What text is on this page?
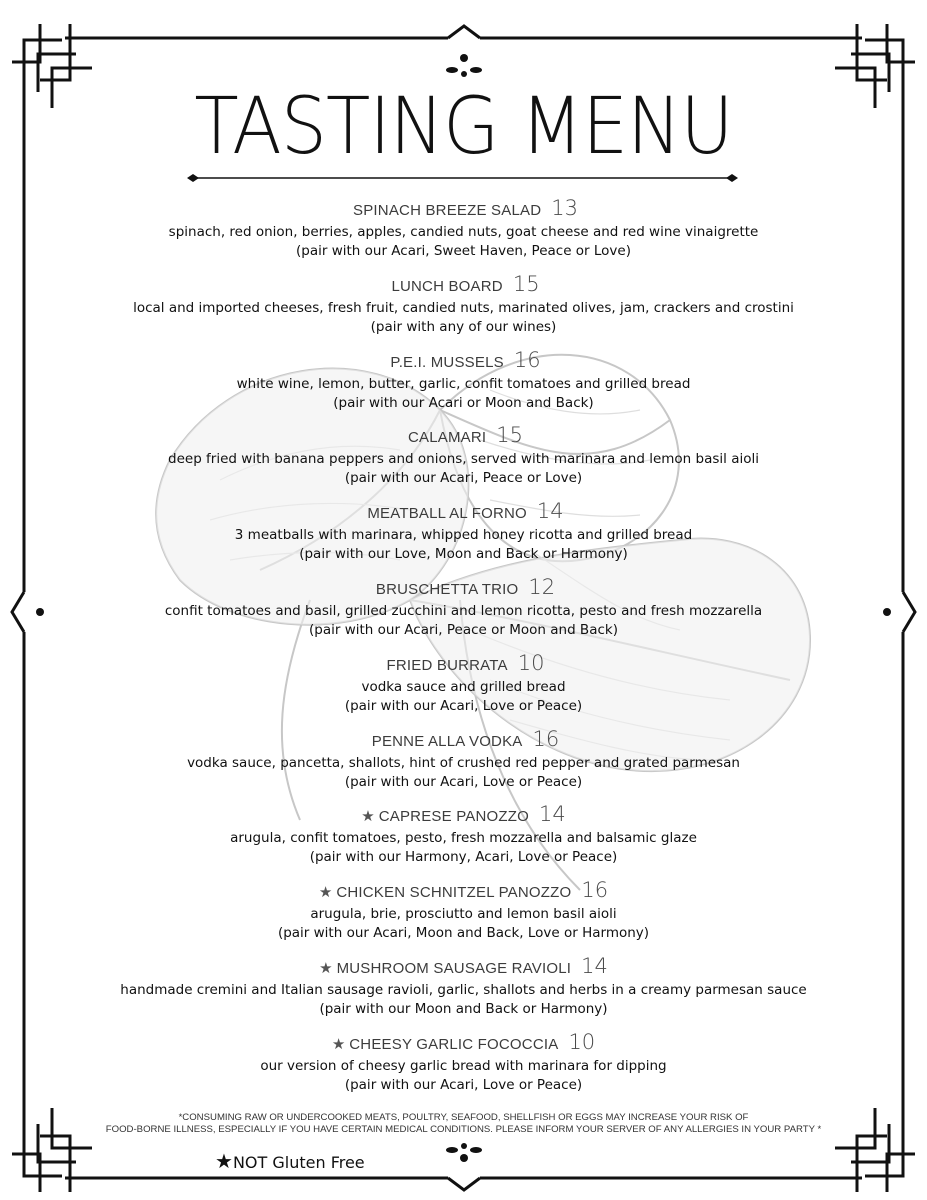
TASTING MENU
SPINACH BREEZE SALAD 13
spinach, red onion, berries, apples, candied nuts, goat cheese and red wine vinaigrette
(pair with our Acari, Sweet Haven, Peace or Love)
LUNCH BOARD 15
local and imported cheeses, fresh fruit, candied nuts, marinated olives, jam, crackers and crostini
(pair with any of our wines)
P.E.I. MUSSELS 16
white wine, lemon, butter, garlic, confit tomatoes and grilled bread
(pair with our Acari or Moon and Back)
CALAMARI 15
deep fried with banana peppers and onions, served with marinara and lemon basil aioli
(pair with our Acari, Peace or Love)
MEATBALL AL FORNO 14
3 meatballs with marinara, whipped honey ricotta and grilled bread
(pair with our Love, Moon and Back or Harmony)
BRUSCHETTA TRIO 12
confit tomatoes and basil, grilled zucchini and lemon ricotta, pesto and fresh mozzarella
(pair with our Acari, Peace or Moon and Back)
FRIED BURRATA 10
vodka sauce and grilled bread
(pair with our Acari, Love or Peace)
PENNE ALLA VODKA 16
vodka sauce, pancetta, shallots, hint of crushed red pepper and grated parmesan
(pair with our Acari, Love or Peace)
★ CAPRESE PANOZZO 14
arugula, confit tomatoes, pesto, fresh mozzarella and balsamic glaze
(pair with our Harmony, Acari, Love or Peace)
★ CHICKEN SCHNITZEL PANOZZO 16
arugula, brie, prosciutto and lemon basil aioli
(pair with our Acari, Moon and Back, Love or Harmony)
★ MUSHROOM SAUSAGE RAVIOLI 14
handmade cremini and Italian sausage ravioli, garlic, shallots and herbs in a creamy parmesan sauce
(pair with our Moon and Back or Harmony)
★ CHEESY GARLIC FOCOCCIA 10
our version of cheesy garlic bread with marinara for dipping
(pair with our Acari, Love or Peace)
*CONSUMING RAW OR UNDERCOOKED MEATS, POULTRY, SEAFOOD, SHELLFISH OR EGGS MAY INCREASE YOUR RISK OF
FOOD-BORNE ILLNESS, ESPECIALLY IF YOU HAVE CERTAIN MEDICAL CONDITIONS. PLEASE INFORM YOUR SERVER OF ANY ALLERGIES IN YOUR PARTY *
★NOT Gluten Free
